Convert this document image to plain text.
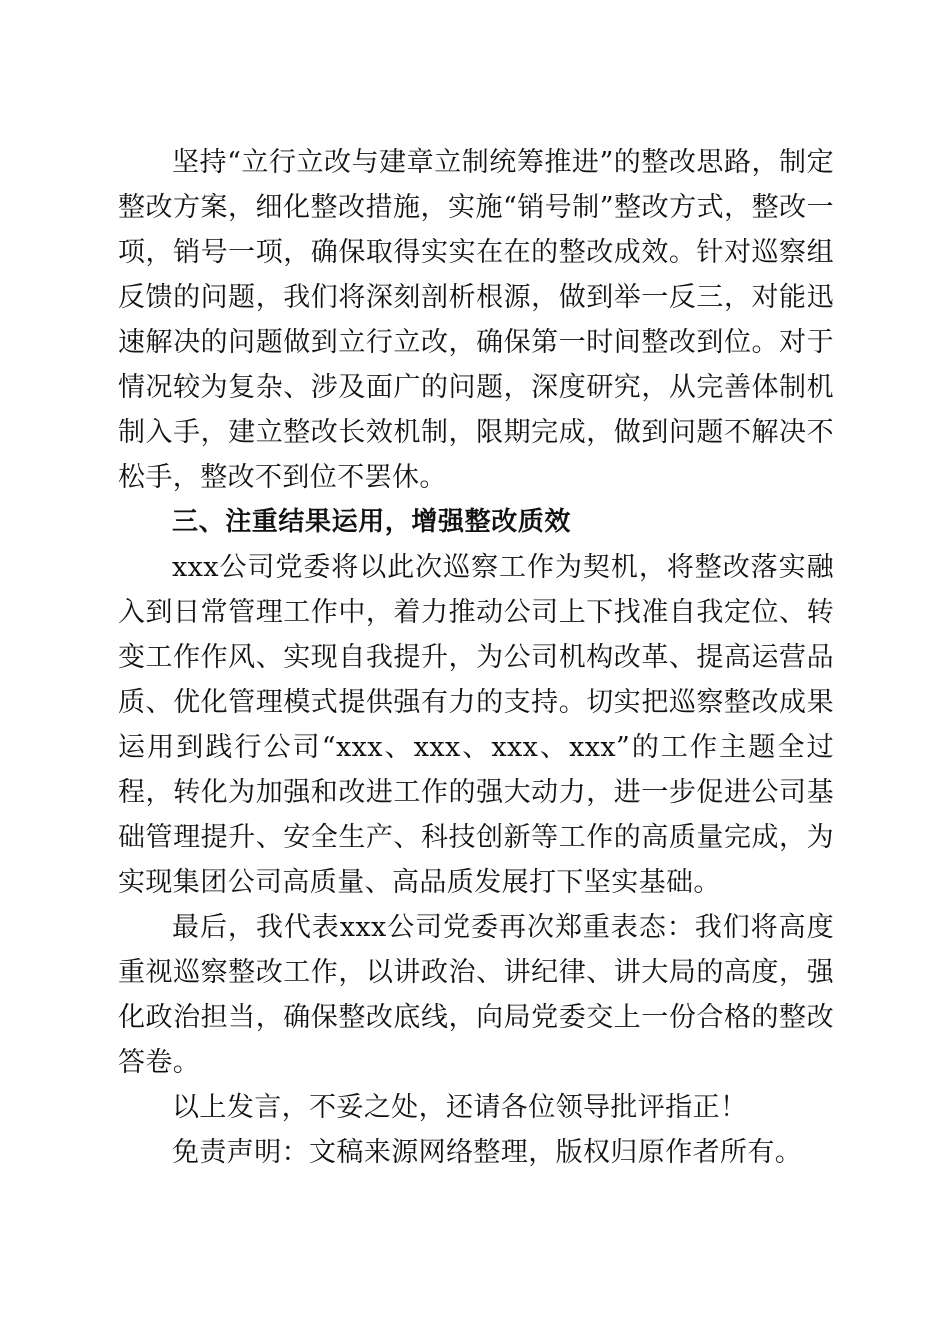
坚持“立行立改与建章立制统筹推进”的整改思路，制定整改方案，细化整改措施，实施“销号制”整改方式，整改一项，销号一项，确保取得实实在在的整改成效。针对巡察组反馈的问题，我们将深刻剖析根源，做到举一反三，对能迅速解决的问题做到立行立改，确保第一时间整改到位。对于情况较为复杂、涉及面广的问题，深度研究，从完善体制机制入手，建立整改长效机制，限期完成，做到问题不解决不松手，整改不到位不罢休。

三、注重结果运用，增强整改质效

xxx公司党委将以此次巡察工作为契机，将整改落实融入到日常管理工作中，着力推动公司上下找准自我定位、转变工作作风、实现自我提升，为公司机构改革、提高运营品质、优化管理模式提供强有力的支持。切实把巡察整改成果运用到践行公司“xxx、xxx、xxx、xxx”的工作主题全过程，转化为加强和改进工作的强大动力，进一步促进公司基础管理提升、安全生产、科技创新等工作的高质量完成，为实现集团公司高质量、高品质发展打下坚实基础。

最后，我代表xxx公司党委再次郑重表态：我们将高度重视巡察整改工作，以讲政治、讲纪律、讲大局的高度，强化政治担当，确保整改底线，向局党委交上一份合格的整改答卷。

以上发言，不妥之处，还请各位领导批评指正！

免责声明：文稿来源网络整理，版权归原作者所有。
